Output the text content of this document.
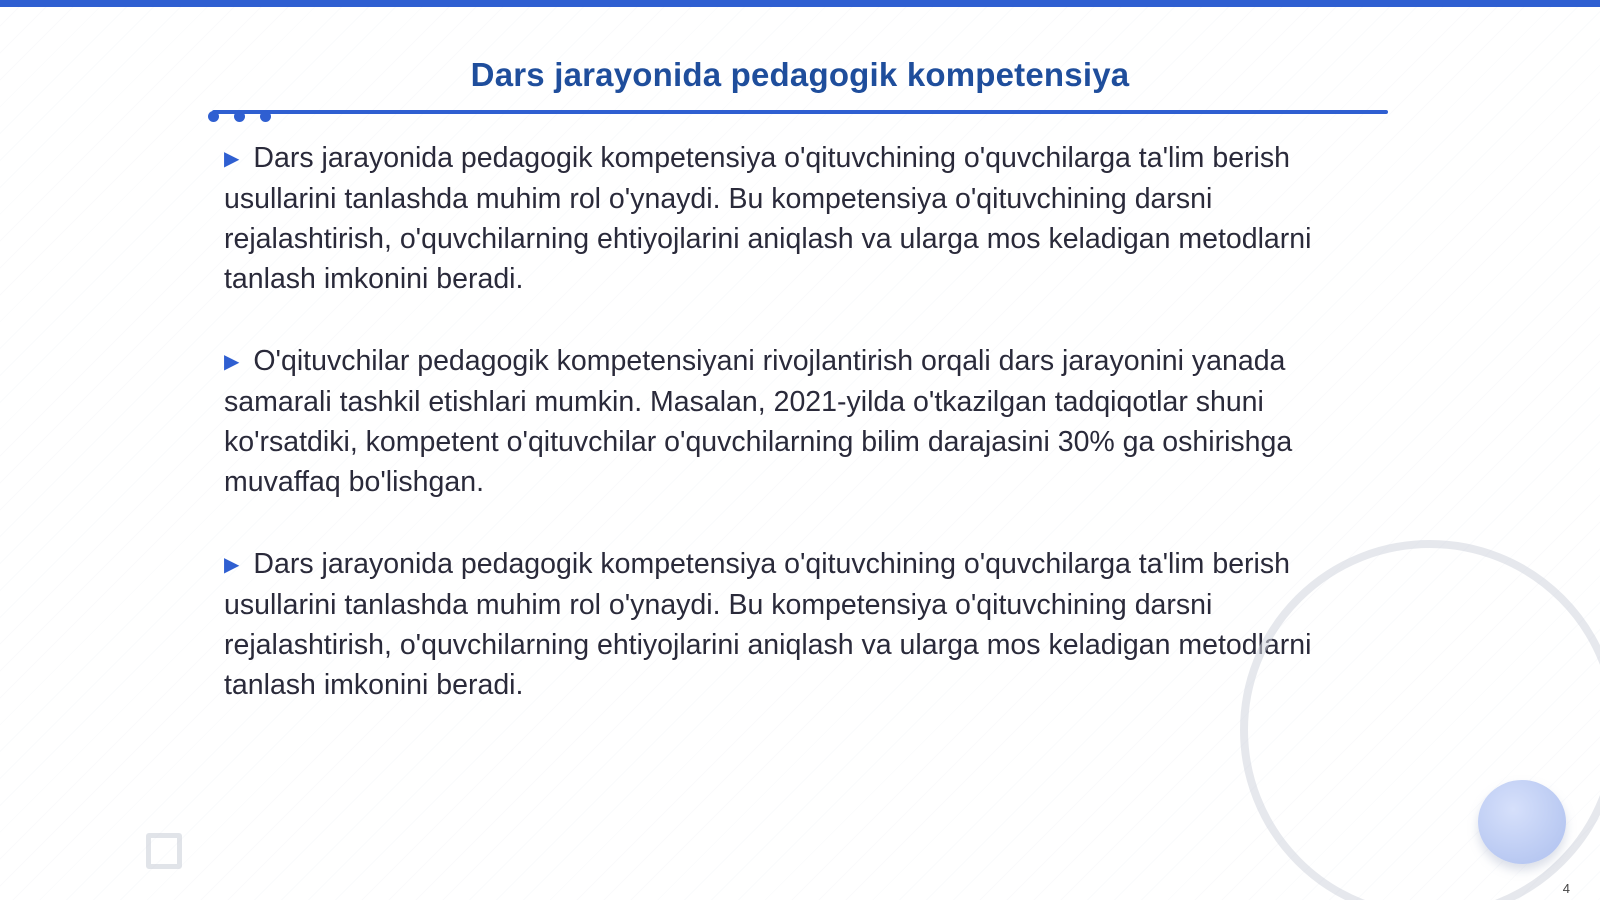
Dars jarayonida pedagogik kompetensiya
▶ Dars jarayonida pedagogik kompetensiya o'qituvchining o'quvchilarga ta'lim berish usullarini tanlashda muhim rol o'ynaydi. Bu kompetensiya o'qituvchining darsni rejalashtirish, o'quvchilarning ehtiyojlarini aniqlash va ularga mos keladigan metodlarni tanlash imkonini beradi.
▶ O'qituvchilar pedagogik kompetensiyani rivojlantirish orqali dars jarayonini yanada samarali tashkil etishlari mumkin. Masalan, 2021-yilda o'tkazilgan tadqiqotlar shuni ko'rsatdiki, kompetent o'qituvchilar o'quvchilarning bilim darajasini 30% ga oshirishga muvaffaq bo'lishgan.
▶ Dars jarayonida pedagogik kompetensiya o'qituvchining o'quvchilarga ta'lim berish usullarini tanlashda muhim rol o'ynaydi. Bu kompetensiya o'qituvchining darsni rejalashtirish, o'quvchilarning ehtiyojlarini aniqlash va ularga mos keladigan metodlarni tanlash imkonini beradi.
4
